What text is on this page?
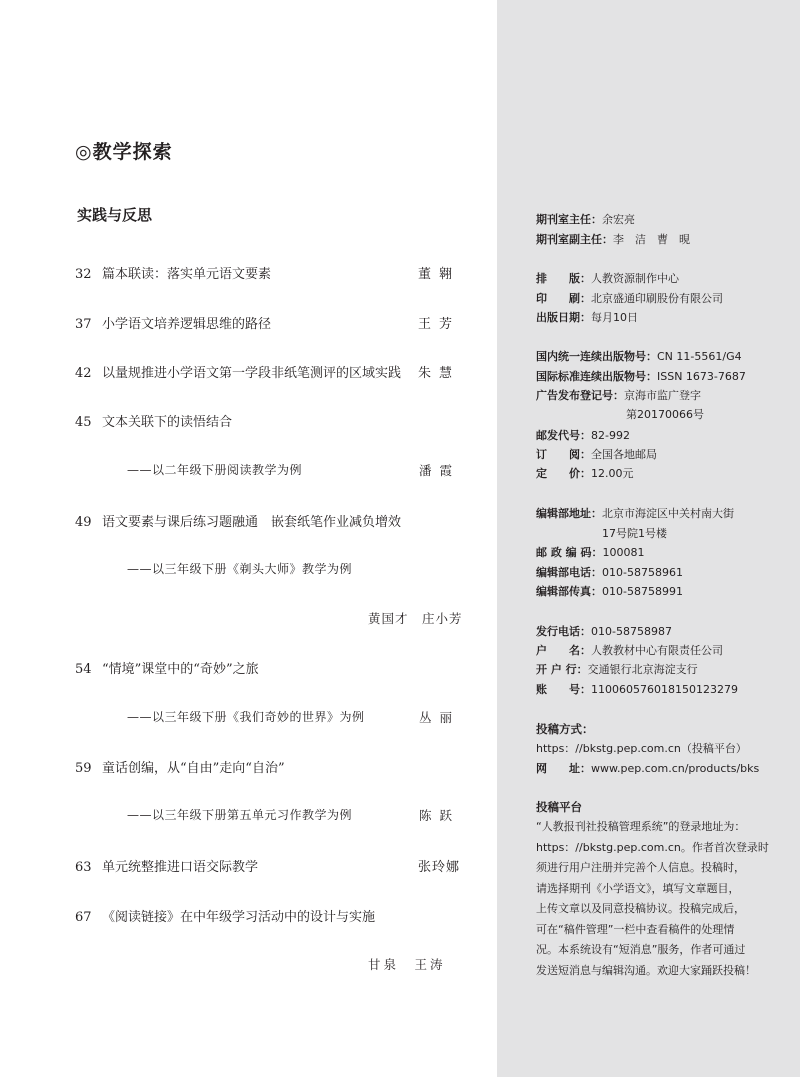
◎教学探索
实践与反思
32 篇本联读：落实单元语文要素	董翱
37 小学语文培养逻辑思维的路径	王芳
42 以量规推进小学语文第一学段非纸笔测评的区域实践 朱慧
45 文本关联下的读悟结合
——以二年级下册阅读教学为例	潘霞
49 语文要素与课后练习题融通　嵌套纸笔作业减负增效
——以三年级下册《剃头大师》教学为例
黄国才　庄小芳
54 “情境”课堂中的“奇妙”之旅
——以三年级下册《我们奇妙的世界》为例	丛丽
59 童话创编，从“自由”走向“自治”
——以三年级下册第五单元习作教学为例	陈跃
63 单元统整推进口语交际教学	张玲娜
67 《阅读链接》在中年级学习活动中的设计与实施
甘泉　王涛
期刊室主任：余宏亮
期刊室副主任：李　洁　曹　晛
排　　版：人教资源制作中心
印　　刷：北京盛通印刷股份有限公司
出版日期：每月10日
国内统一连续出版物号：CN 11-5561/G4
国际标准连续出版物号：ISSN 1673-7687
广告发布登记号：京海市监广登字
第20170066号
邮发代号：82-992
订　　阅：全国各地邮局
定　　价：12.00元
编辑部地址：北京市海淀区中关村南大街
17号院1号楼
邮 政 编 码：100081
编辑部电话：010-58758961
编辑部传真：010-58758991
发行电话：010-58758987
户　　名：人教教材中心有限责任公司
开 户 行：交通银行北京海淀支行
账　　号：110060576018150123279
投稿方式：
https：//bkstg.pep.com.cn（投稿平台）
网　　址：www.pep.com.cn/products/bks
投稿平台

“人教报刊社投稿管理系统”的登录地址为：

https：//bkstg.pep.com.cn。作者首次登录时

须进行用户注册并完善个人信息。投稿时，

请选择期刊《小学语文》，填写文章题目，

上传文章以及同意投稿协议。投稿完成后，

可在“稿件管理”一栏中查看稿件的处理情

况。本系统设有“短消息”服务，作者可通过

发送短消息与编辑沟通。欢迎大家踊跃投稿！
